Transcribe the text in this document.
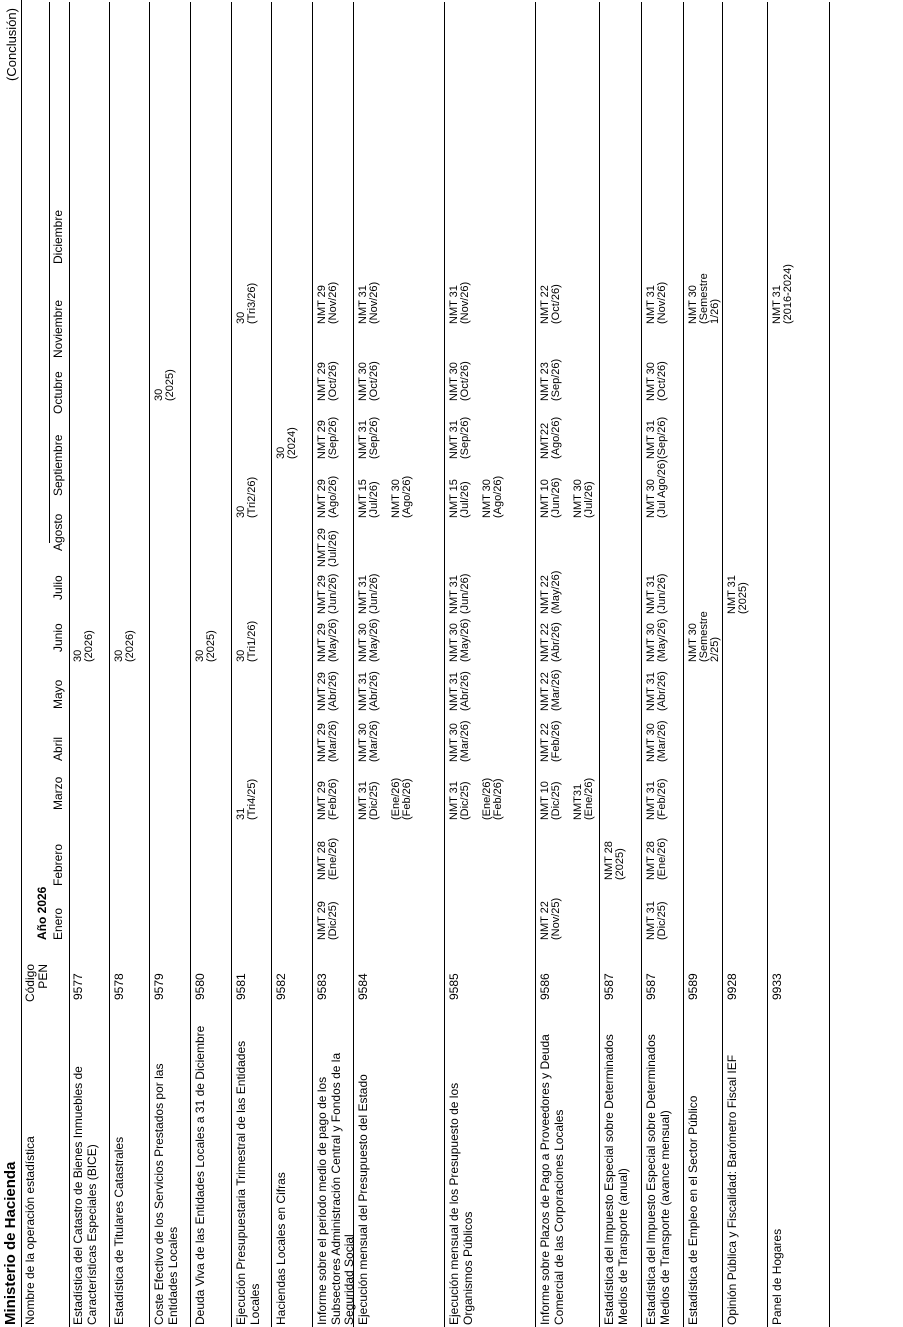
Ministerio de Hacienda
(Conclusión)
Nombre de la operación estadística
Código PEN
Año 2026 Enero
Febrero
Marzo
Abril
Mayo
Junio
Julio
Agosto
Septiembre
Octubre
Noviembre
Diciembre
Estadística del Catastro de Bienes Inmuebles de Características Especiales (BICE)
9577
30 (2026)
Estadística de Titulares Catastrales
9578
30 (2026)
Coste Efectivo de los Servicios Prestados por las Entidades Locales
9579
30 (2025)
Deuda Viva de las Entidades Locales a 31 de Diciembre
9580
30 (2025)
Ejecución Presupuestaria Trimestral de las Entidades Locales
9581
31 (Tri4/25)
30 (Tri1/26)
30 (Tri2/26)
30 (Tri3/26)
Haciendas Locales en Cifras
9582
30 (2024)
Informe sobre el periodo medio de pago de los Subsectores Administración Central y Fondos de la Seguridad Social
9583
NMT 29 (Dic/25)
NMT 28 (Ene/26)
NMT 29 (Feb/26)
NMT 29 (Mar/26)
NMT 29 (Abr/26)
NMT 29 (May/26)
NMT 29 (Jun/26)
NMT 29 (Jul/26)
NMT 29 (Ago/26)
NMT 29 (Sep/26)
NMT 29 (Oct/26)
NMT 29 (Nov/26)
Ejecución mensual del Presupuesto del Estado
9584
NMT 31 (Dic/25) (Ene/26) (Feb/26)
NMT 30 (Mar/26)
NMT 31 (Abr/26)
NMT 30 (May/26)
NMT 31 (Jun/26)
NMT 15 (Jul/26) NMT 30 (Ago/26)
NMT 31 (Sep/26)
NMT 30 (Oct/26)
NMT 31 (Nov/26)
Ejecución mensual de los Presupuesto de los Organismos Públicos
9585
NMT 31 (Dic/25) (Ene/26) (Feb/26)
NMT 30 (Mar/26)
NMT 31 (Abr/26)
NMT 30 (May/26)
NMT 31 (Jun/26)
NMT 15 (Jul/26) NMT 30 (Ago/26)
NMT 31 (Sep/26)
NMT 30 (Oct/26)
NMT 31 (Nov/26)
Informe sobre Plazos de Pago a Proveedores y Deuda Comercial de las Corporaciones Locales
9586
NMT 22 (Nov/25)
NMT 10 (Dic/25) NMT31 (Ene/26)
NMT 22 (Feb/26)
NMT 22 (Mar/26)
NMT 22 (Abr/26)
NMT 22 (May/26)
NMT 10 (Jun/26) NMT 30 (Jul/26)
NMT22 (Ago/26)
NMT 23 (Sep/26)
NMT 22 (Oct/26)
Estadística del Impuesto Especial sobre Determinados Medios de Transporte (anual)
9587
NMT 28 (2025)
Estadística del Impuesto Especial sobre Determinados Medios de Transporte (avance mensual)
9587
NMT 31 (Dic/25)
NMT 28 (Ene/26)
NMT 31 (Feb/26)
NMT 30 (Mar/26)
NMT 31 (Abr/26)
NMT 30 (May/26)
NMT 31 (Jun/26)
NMT 30 (Jul Ago/26)
NMT 31 (Sep/26)
NMT 30 (Oct/26)
NMT 31 (Nov/26)
Estadística de Empleo en el Sector Público
9589
NMT 30 (Semestre 2/25)
NMT 30 (Semestre 1/26)
Opinión Pública y Fiscalidad: Barómetro Fiscal IEF
9928
NMT 31 (2025)
Panel de Hogares
9933
NMT 31 (2016-2024)
